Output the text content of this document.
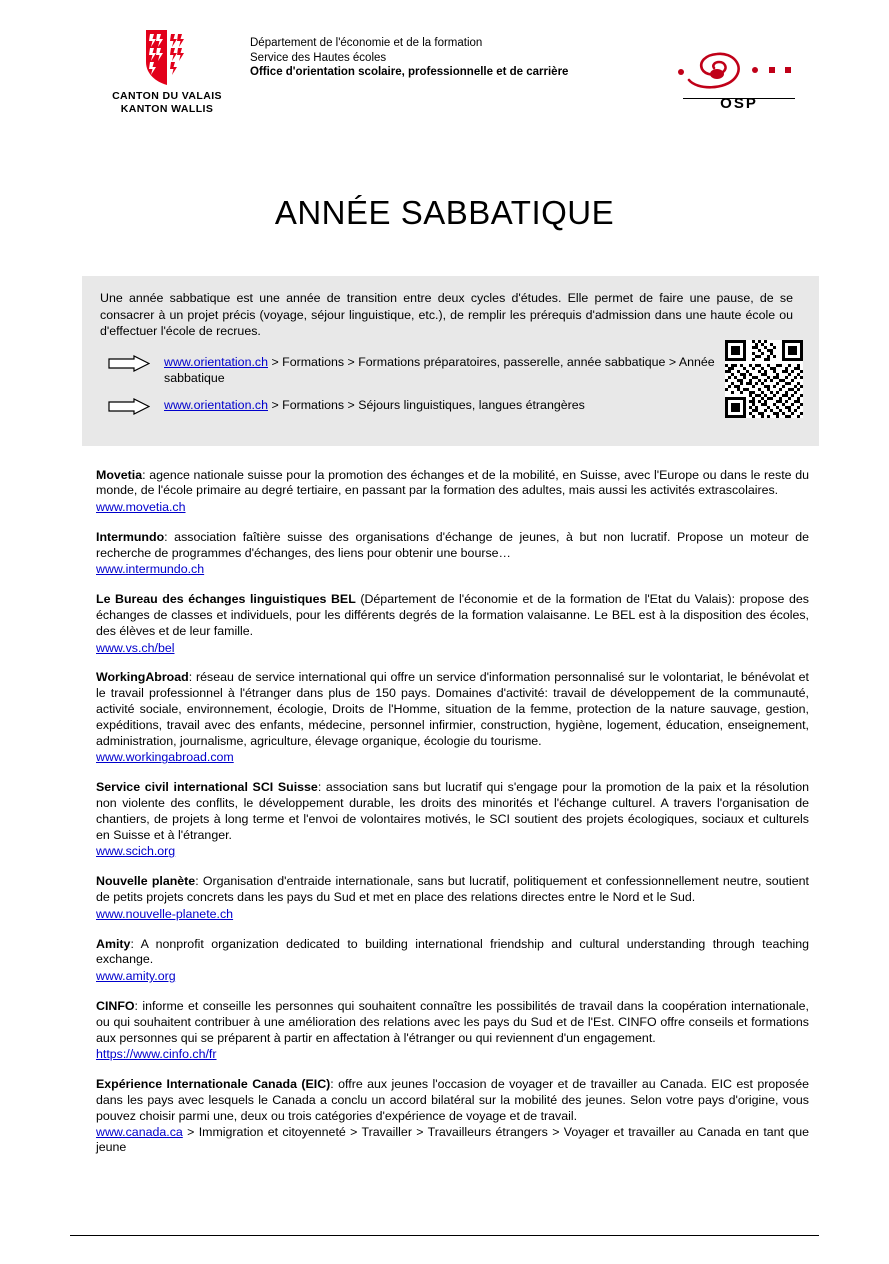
CANTON DU VALAIS
KANTON WALLIS
Département de l'économie et de la formation
Service des Hautes écoles
Office d'orientation scolaire, professionnelle et de carrière
OSP
ANNÉE SABBATIQUE

Une année sabbatique est une année de transition entre deux cycles d'études. Elle permet de faire une pause, de se consacrer à un projet précis (voyage, séjour linguistique, etc.), de remplir les prérequis d'admission dans une haute école ou d'effectuer l'école de recrues.

www.orientation.ch > Formations > Formations préparatoires, passerelle, année sabbatique > Année sabbatique
www.orientation.ch > Formations > Séjours linguistiques, langues étrangères

Movetia: agence nationale suisse pour la promotion des échanges et de la mobilité, en Suisse, avec l'Europe ou dans le reste du monde, de l'école primaire au degré tertiaire, en passant par la formation des adultes, mais aussi les activités extrascolaires.

www.movetia.ch

Intermundo: association faîtière suisse des organisations d'échange de jeunes, à but non lucratif. Propose un moteur de recherche de programmes d'échanges, des liens pour obtenir une bourse…

www.intermundo.ch

Le Bureau des échanges linguistiques BEL (Département de l'économie et de la formation de l'Etat du Valais): propose des échanges de classes et individuels, pour les différents degrés de la formation valaisanne. Le BEL est à la disposition des écoles, des élèves et de leur famille.

www.vs.ch/bel

WorkingAbroad: réseau de service international qui offre un service d'information personnalisé sur le volontariat, le bénévolat et le travail professionnel à l'étranger dans plus de 150 pays. Domaines d'activité: travail de développement de la communauté, activité sociale, environnement, écologie, Droits de l'Homme, situation de la femme, protection de la nature sauvage, gestion, expéditions, travail avec des enfants, médecine, personnel infirmier, construction, hygiène, logement, éducation, enseignement, administration, journalisme, agriculture, élevage organique, écologie du tourisme.

www.workingabroad.com

Service civil international SCI Suisse: association sans but lucratif qui s'engage pour la promotion de la paix et la résolution non violente des conflits, le développement durable, les droits des minorités et l'échange culturel. A travers l'organisation de chantiers, de projets à long terme et l'envoi de volontaires motivés, le SCI soutient des projets écologiques, sociaux et culturels en Suisse et à l'étranger.

www.scich.org

Nouvelle planète: Organisation d'entraide internationale, sans but lucratif, politiquement et confessionnellement neutre, soutient de petits projets concrets dans les pays du Sud et met en place des relations directes entre le Nord et le Sud.

www.nouvelle-planete.ch

Amity: A nonprofit organization dedicated to building international friendship and cultural understanding through teaching exchange.

www.amity.org

CINFO: informe et conseille les personnes qui souhaitent connaître les possibilités de travail dans la coopération internationale, ou qui souhaitent contribuer à une amélioration des relations avec les pays du Sud et de l'Est. CINFO offre conseils et formations aux personnes qui se préparent à partir en affectation à l'étranger ou qui reviennent d'un engagement.

https://www.cinfo.ch/fr

Expérience Internationale Canada (EIC): offre aux jeunes l'occasion de voyager et de travailler au Canada. EIC est proposée dans les pays avec lesquels le Canada a conclu un accord bilatéral sur la mobilité des jeunes. Selon votre pays d'origine, vous pouvez choisir parmi une, deux ou trois catégories d'expérience de voyage et de travail.

www.canada.ca > Immigration et citoyenneté > Travailler > Travailleurs étrangers > Voyager et travailler au Canada en tant que jeune
